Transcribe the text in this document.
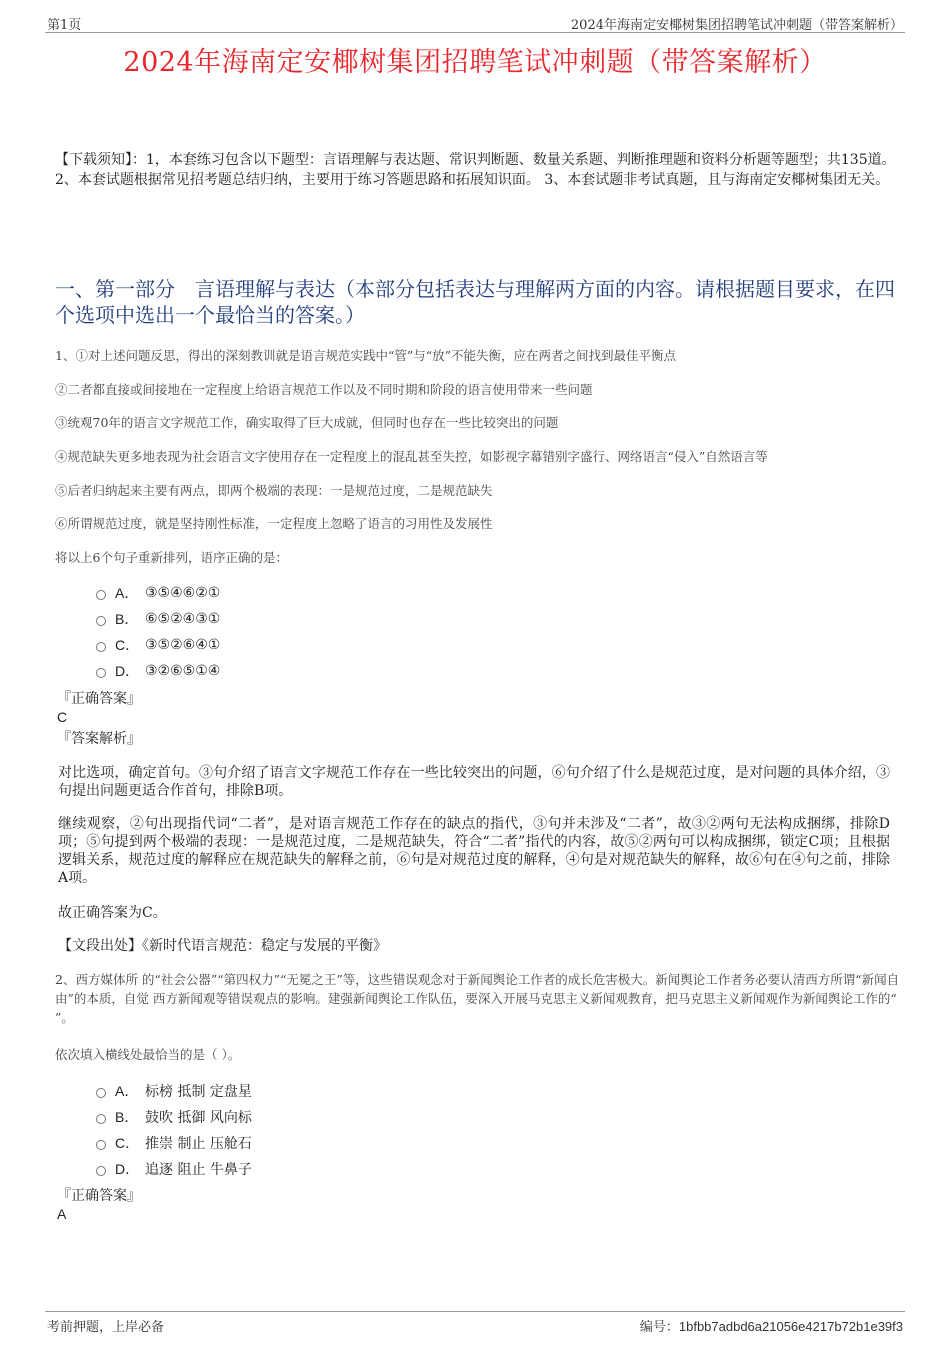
第1页	2024年海南定安椰树集团招聘笔试冲刺题（带答案解析）
2024年海南定安椰树集团招聘笔试冲刺题（带答案解析）
【下载须知】：1，本套练习包含以下题型：言语理解与表达题、常识判断题、数量关系题、判断推理题和资料分析题等题型；共135道。 2、本套试题根据常见招考题总结归纳，主要用于练习答题思路和拓展知识面。 3、本套试题非考试真题，且与海南定安椰树集团无关。
一、第一部分　言语理解与表达（本部分包括表达与理解两方面的内容。请根据题目要求，在四个选项中选出一个最恰当的答案。）
1、①对上述问题反思，得出的深刻教训就是语言规范实践中“管”与“放”不能失衡，应在两者之间找到最佳平衡点
②二者都直接或间接地在一定程度上给语言规范工作以及不同时期和阶段的语言使用带来一些问题
③统观70年的语言文字规范工作，确实取得了巨大成就，但同时也存在一些比较突出的问题
④规范缺失更多地表现为社会语言文字使用存在一定程度上的混乱甚至失控，如影视字幕错别字盛行、网络语言“侵入”自然语言等
⑤后者归纳起来主要有两点，即两个极端的表现：一是规范过度，二是规范缺失
⑥所谓规范过度，就是坚持刚性标准，一定程度上忽略了语言的习用性及发展性
将以上6个句子重新排列，语序正确的是：
A． ③⑤④⑥②①
B． ⑥⑤②④③①
C． ③⑤②⑥④①
D． ③②⑥⑤①④
『正确答案』
C
『答案解析』
对比选项，确定首句。③句介绍了语言文字规范工作存在一些比较突出的问题，⑥句介绍了什么是规范过度，是对问题的具体介绍，③句提出问题更适合作首句，排除B项。
继续观察，②句出现指代词“二者”，是对语言规范工作存在的缺点的指代，③句并未涉及“二者”，故③②两句无法构成捆绑，排除D项；⑤句提到两个极端的表现：一是规范过度，二是规范缺失，符合“二者”指代的内容，故⑤②两句可以构成捆绑，锁定C项；且根据逻辑关系，规范过度的解释应在规范缺失的解释之前，⑥句是对规范过度的解释，④句是对规范缺失的解释，故⑥句在④句之前，排除A项。
故正确答案为C。
【文段出处】《新时代语言规范：稳定与发展的平衡》
2、西方媒体所 的“社会公器”“第四权力”“无冕之王”等，这些错误观念对于新闻舆论工作者的成长危害极大。新闻舆论工作者务必要认清西方所谓“新闻自由”的本质，自觉 西方新闻观等错误观点的影响。建强新闻舆论工作队伍，要深入开展马克思主义新闻观教育，把马克思主义新闻观作为新闻舆论工作的“ ”。
依次填入横线处最恰当的是（ ）。
A． 标榜 抵制 定盘星
B． 鼓吹 抵御 风向标
C． 推崇 制止 压舱石
D． 追逐 阻止 牛鼻子
『正确答案』
A
考前押题，上岸必备	编号：1bfbb7adbd6a21056e4217b72b1e39f3
